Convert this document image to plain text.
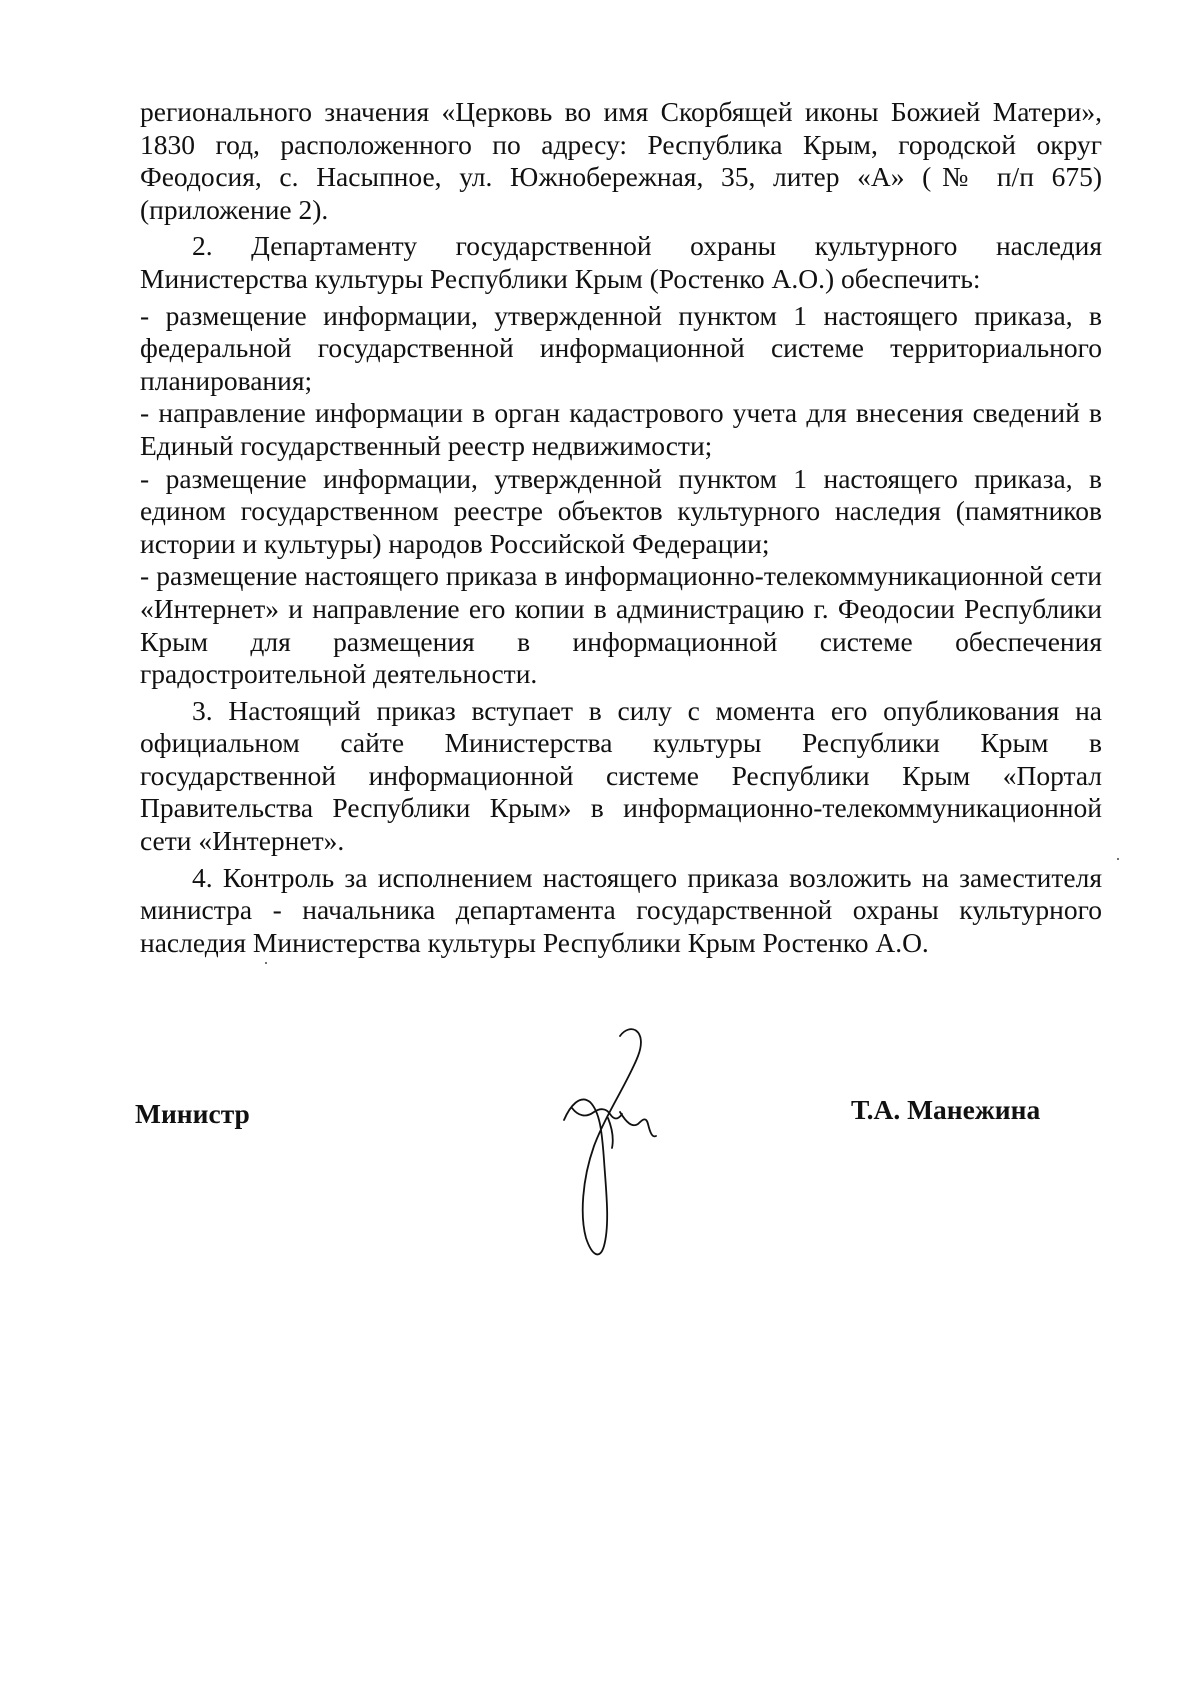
регионального значения «Церковь во имя Скорбящей иконы Божией Матери», 1830 год, расположенного по адресу: Республика Крым, городской округ Феодосия, с. Насыпное, ул. Южнобережная, 35, литер «А» (№ п/п 675) (приложение 2).

2. Департаменту государственной охраны культурного наследия Министерства культуры Республики Крым (Ростенко А.О.) обеспечить:

- размещение информации, утвержденной пунктом 1 настоящего приказа, в федеральной государственной информационной системе территориального планирования;

- направление информации в орган кадастрового учета для внесения сведений в Единый государственный реестр недвижимости;

- размещение информации, утвержденной пунктом 1 настоящего приказа, в едином государственном реестре объектов культурного наследия (памятников истории и культуры) народов Российской Федерации;

- размещение настоящего приказа в информационно-телекоммуникационной сети «Интернет» и направление его копии в администрацию г. Феодосии Республики Крым для размещения в информационной системе обеспечения градостроительной деятельности.

3. Настоящий приказ вступает в силу с момента его опубликования на официальном сайте Министерства культуры Республики Крым в государственной информационной системе Республики Крым «Портал Правительства Республики Крым» в информационно-телекоммуникационной сети «Интернет».

4. Контроль за исполнением настоящего приказа возложить на заместителя министра - начальника департамента государственной охраны культурного наследия Министерства культуры Республики Крым Ростенко А.О.

Министр	Т.А. Манежина
